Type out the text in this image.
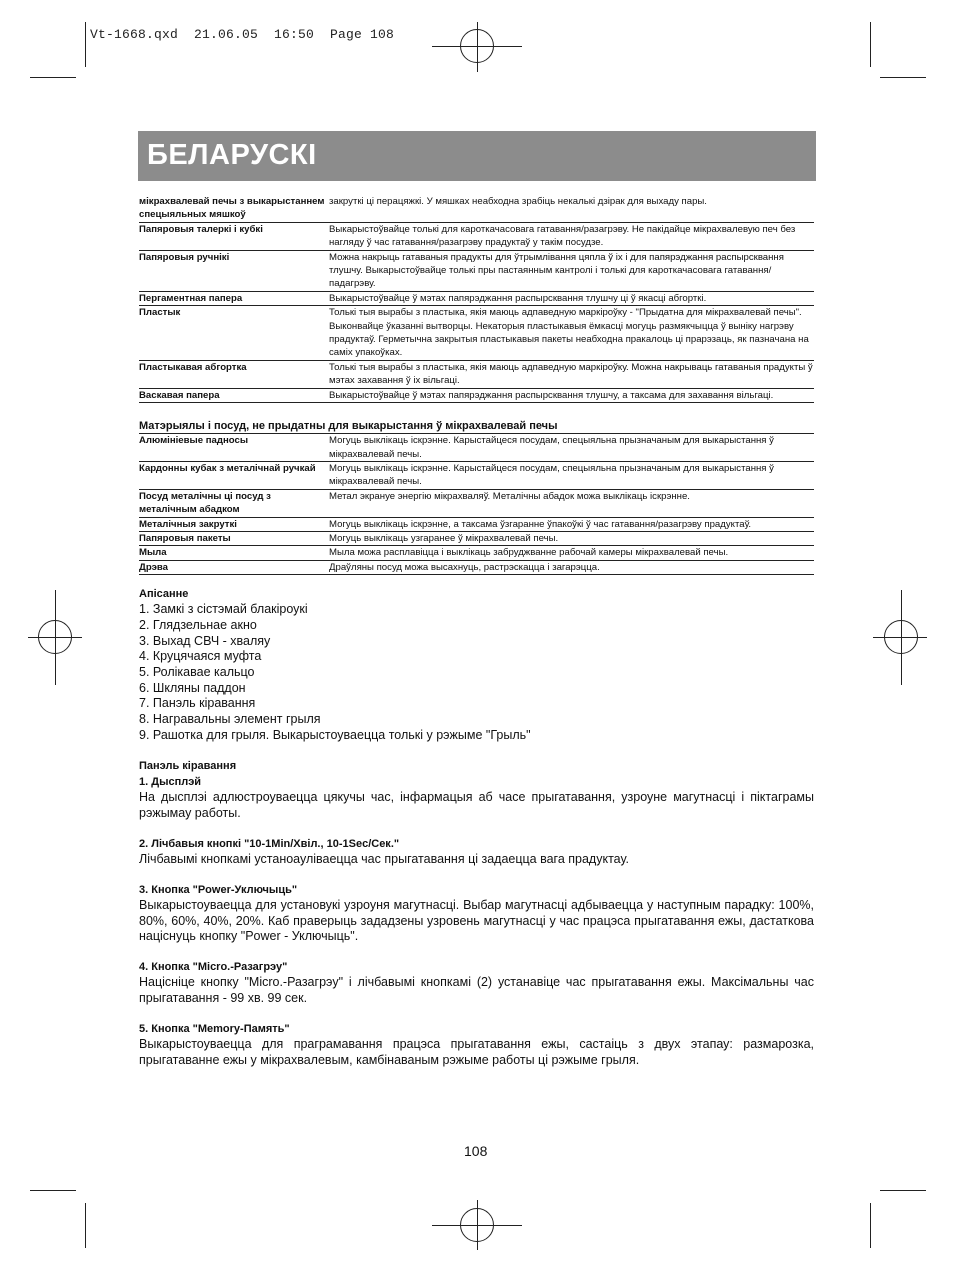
Vt-1668.qxd  21.06.05  16:50  Page 108
БЕЛАРУСКІ
мікрахвалевай печы з выкарыстаннем спецыяльных мяшкоў	закруткі ці перацяжкі. У мяшках неабходна зрабіць некалькі дзірак для выхаду пары.
Папяровыя талеркі і кубкі	Выкарыстоўвайце толькі для кароткачасовага гатавання/разагрэву. Не пакідайце мікрахвалевую печ без нагляду ў час гатавання/разагрэву прадуктаў у такім посудзе.
Папяровыя ручнікі	Можна накрыць гатаваныя прадукты для ўтрымлівання цяпла ў іх і для папярэджання распырсквання тлушчу. Выкарыстоўвайце толькі пры пастаянным кантролі і толькі для кароткачасовага гатавання/падагрэву.
Пергаментная папера	Выкарыстоўвайце ў мэтах папярэджання распырсквання тлушчу ці ў якасці абгорткі.
Пластык	Толькі тыя вырабы з пластыка, якія маюць адпаведную маркіроўку - "Прыдатна для мікрахвалевай печы". Выконвайце ўказанні вытворцы. Некаторыя пластыкавыя ёмкасці могуць размякчыцца ў выніку нагрэву прадуктаў. Герметычна закрытыя пластыкавыя пакеты неабходна пракалоць ці прарэзаць, як пазначана на саміх упакоўках.
Пластыкавая абгортка	Толькі тыя вырабы з пластыка, якія маюць адпаведную маркіроўку. Можна накрываць гатаваныя прадукты ў мэтах захавання ў іх вільгаці.
Васкавая папера	Выкарыстоўвайце ў мэтах папярэджання распырсквання тлушчу, а таксама для захавання вільгаці.
Матэрыялы і посуд, не прыдатны для выкарыстання ў мікрахвалевай печы
Алюмініевые падносы	Могуць выклікаць іскрэнне. Карыстайцеся посудам, спецыяльна прызначаным для выкарыстання ў мікрахвалевай печы.
Кардонны кубак з металічнай ручкай	Могуць выклікаць іскрэнне. Карыстайцеся посудам, спецыяльна прызначаным для выкарыстання ў мікрахвалевай печы.
Посуд металічны ці посуд з металічным абадком	Метал экрануе энергію мікрахваляў. Металічны абадок можа выклікаць іскрэнне.
Металічныя закруткі	Могуць выклікаць іскрэнне, а таксама ўзгаранне ўпакоўкі ў час гатавання/разагрэву прадуктаў.
Папяровыя пакеты	Могуць выклікаць узгаранее ў мікрахвалевай печы.
Мыла	Мыла можа расплавіцца і выклікаць забруджванне рабочай камеры мікрахвалевай печы.
Дрэва	Драўляны посуд можа высахнуць, растрэскацца і загарэцца.
Апісанне
1. Замкі з сістэмай блакіроукі
2. Глядзельнае акно
3. Выхад СВЧ - хваляу
4. Круцячаяся муфта
5. Ролікавае кальцо
6. Шкляны паддон
7. Панэль кіравання
8. Награвальны элемент грыля
9. Рашотка для грыля. Выкарыстоуваецца толькі у рэжыме "Грыль"
Панэль кіравання
1. Дысплэй

На дысплэі адлюстроуваецца цякучы час, інфармацыя аб часе прыгатавання, узроуне магутнасці і піктаграмы рэжымау работы.

2. Лічбавыя кнопкі "10-1Min/Хвіл., 10-1Sec/Сек."

Лічбавымі кнопкамі устаноауліваецца час прыгатавання ці задаецца вага прадуктау.

3. Кнопка "Power-Уключыць"

Выкарыстоуваецца для установукі узроуня магутнасці. Выбар магутнасці адбываецца у наступным парадку: 100%, 80%, 60%, 40%, 20%. Каб праверыць зададзены узровень магутнасці у час працэса прыгатавання ежы, дастаткова націснуць кнопку "Power - Уключыць".

4. Кнопка "Micro.-Разагрэу"

Націсніце кнопку "Micro.-Разагрэу" і лічбавымі кнопкамі (2) устанавіце час прыгатавання ежы. Максімальны час прыгатавання - 99 хв. 99 сек.

5. Кнопка "Memory-Память"

Выкарыстоуваецца для праграмавання працэса прыгатавання ежы, састаіць з двух этапау: размарозка, прыгатаванне ежы у мікрахвалевым, камбінаваным рэжыме работы ці рэжыме грыля.

108
